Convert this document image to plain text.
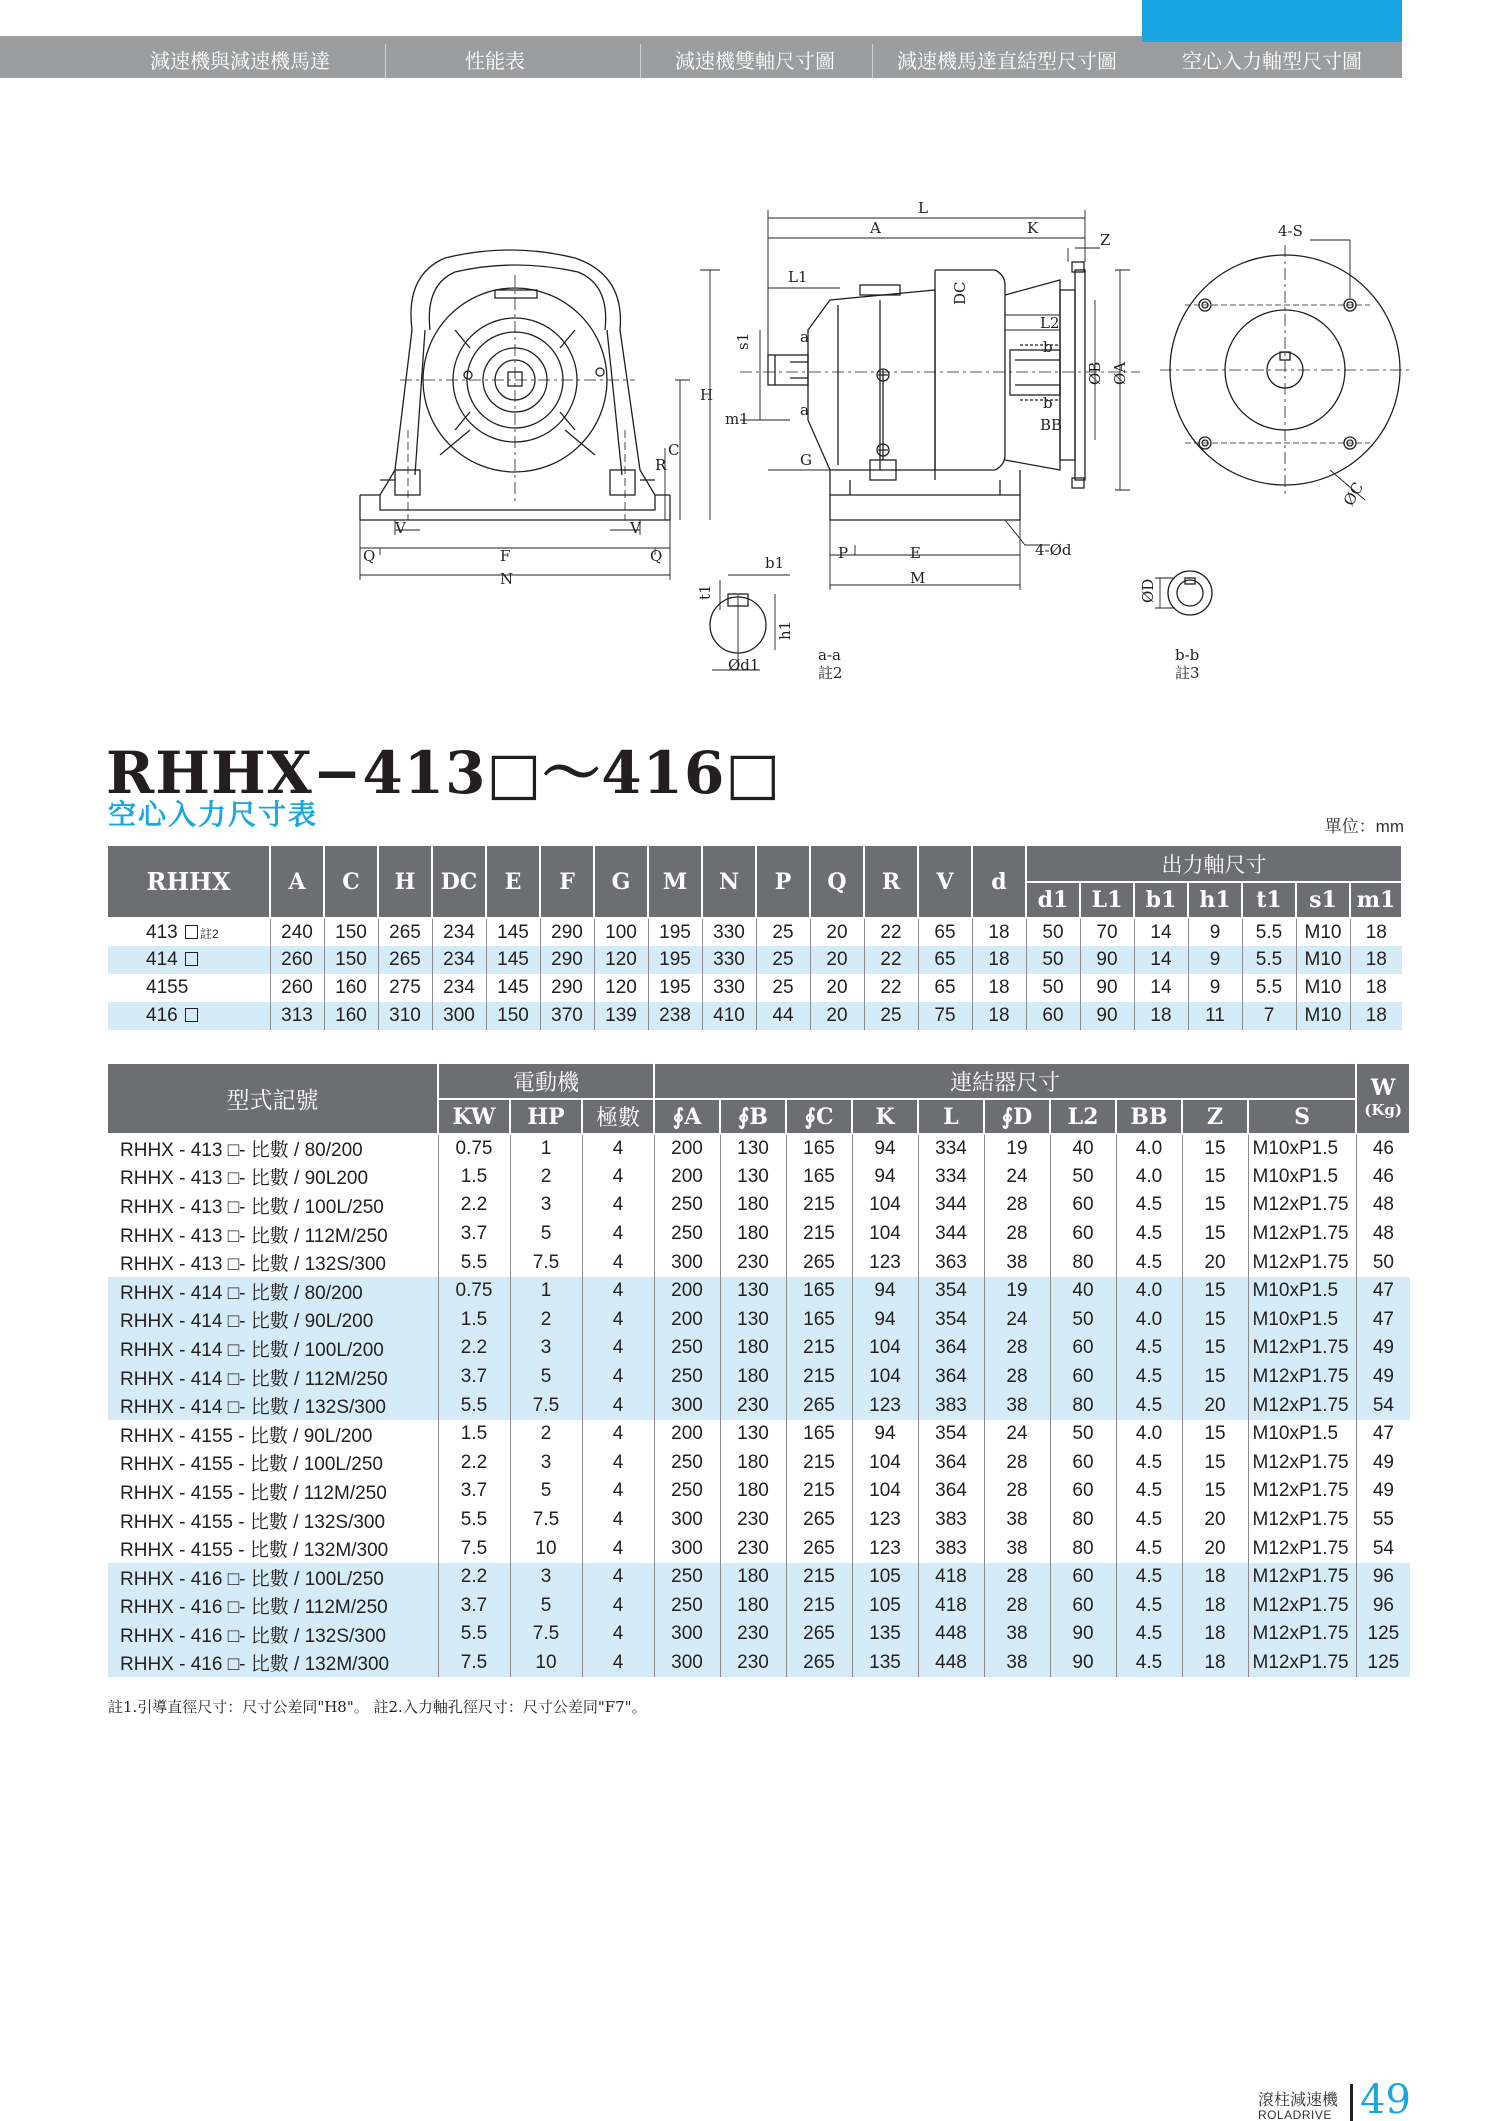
減速機與減速機馬達	性能表	減速機雙軸尺寸圖	減速機馬達直結型尺寸圖	空心入力軸型尺寸圖
H
C
R
V	V
Q	Q
F
N
L
A	K
Z
L1
L2
s1	a
a
b
b
DC
ØB ØA
BB
m1
G
P	E
M
4-Ød
4-S
ØC
t1
b1
h1
Ød1
a-a
註2
ØD
b-b
註3
RHHX−413□～416□
空心入力尺寸表	單位：mm
RHHX	A	C	H	DC	E	F	G	M	N	P	Q	R	V	d	出力軸尺寸						
															d1	L1	b1	h1	t1	s1	m1
413 註2	240	150	265	234	145	290	100	195	330	25	20	22	65	18	50	70	14	9	5.5	M10	18
414	260	150	265	234	145	290	120	195	330	25	20	22	65	18	50	90	14	9	5.5	M10	18
4155	260	160	275	234	145	290	120	195	330	25	20	22	65	18	50	90	14	9	5.5	M10	18
416	313	160	310	300	150	370	139	238	410	44	20	25	75	18	60	90	18	11	7	M10	18
型式記號	電動機			連結器尺寸										W
(Kg)

	KW	HP	極數	∮A	∮B	∮C	K	L	∮D	L2	BB	Z	S	
RHHX - 413 □- 比數 / 80/200	0.75	1	4	200	130	165	94	334	19	40	4.0	15	M10xP1.5	46
RHHX - 413 □- 比數 / 90L200	1.5	2	4	200	130	165	94	334	24	50	4.0	15	M10xP1.5	46
RHHX - 413 □- 比數 / 100L/250	2.2	3	4	250	180	215	104	344	28	60	4.5	15	M12xP1.75	48
RHHX - 413 □- 比數 / 112M/250	3.7	5	4	250	180	215	104	344	28	60	4.5	15	M12xP1.75	48
RHHX - 413 □- 比數 / 132S/300	5.5	7.5	4	300	230	265	123	363	38	80	4.5	20	M12xP1.75	50
RHHX - 414 □- 比數 / 80/200	0.75	1	4	200	130	165	94	354	19	40	4.0	15	M10xP1.5	47
RHHX - 414 □- 比數 / 90L/200	1.5	2	4	200	130	165	94	354	24	50	4.0	15	M10xP1.5	47
RHHX - 414 □- 比數 / 100L/200	2.2	3	4	250	180	215	104	364	28	60	4.5	15	M12xP1.75	49
RHHX - 414 □- 比數 / 112M/250	3.7	5	4	250	180	215	104	364	28	60	4.5	15	M12xP1.75	49
RHHX - 414 □- 比數 / 132S/300	5.5	7.5	4	300	230	265	123	383	38	80	4.5	20	M12xP1.75	54
RHHX - 4155 - 比數 / 90L/200	1.5	2	4	200	130	165	94	354	24	50	4.0	15	M10xP1.5	47
RHHX - 4155 - 比數 / 100L/250	2.2	3	4	250	180	215	104	364	28	60	4.5	15	M12xP1.75	49
RHHX - 4155 - 比數 / 112M/250	3.7	5	4	250	180	215	104	364	28	60	4.5	15	M12xP1.75	49
RHHX - 4155 - 比數 / 132S/300	5.5	7.5	4	300	230	265	123	383	38	80	4.5	20	M12xP1.75	55
RHHX - 4155 - 比數 / 132M/300	7.5	10	4	300	230	265	123	383	38	80	4.5	20	M12xP1.75	54
RHHX - 416 □- 比數 / 100L/250	2.2	3	4	250	180	215	105	418	28	60	4.5	18	M12xP1.75	96
RHHX - 416 □- 比數 / 112M/250	3.7	5	4	250	180	215	105	418	28	60	4.5	18	M12xP1.75	96
RHHX - 416 □- 比數 / 132S/300	5.5	7.5	4	300	230	265	135	448	38	90	4.5	18	M12xP1.75	125
RHHX - 416 □- 比數 / 132M/300	7.5	10	4	300	230	265	135	448	38	90	4.5	18	M12xP1.75	125
註1.引導直徑尺寸：尺寸公差同"H8"。 註2.入力軸孔徑尺寸：尺寸公差同"F7"。
滾柱減速機
ROLADRIVE 49
